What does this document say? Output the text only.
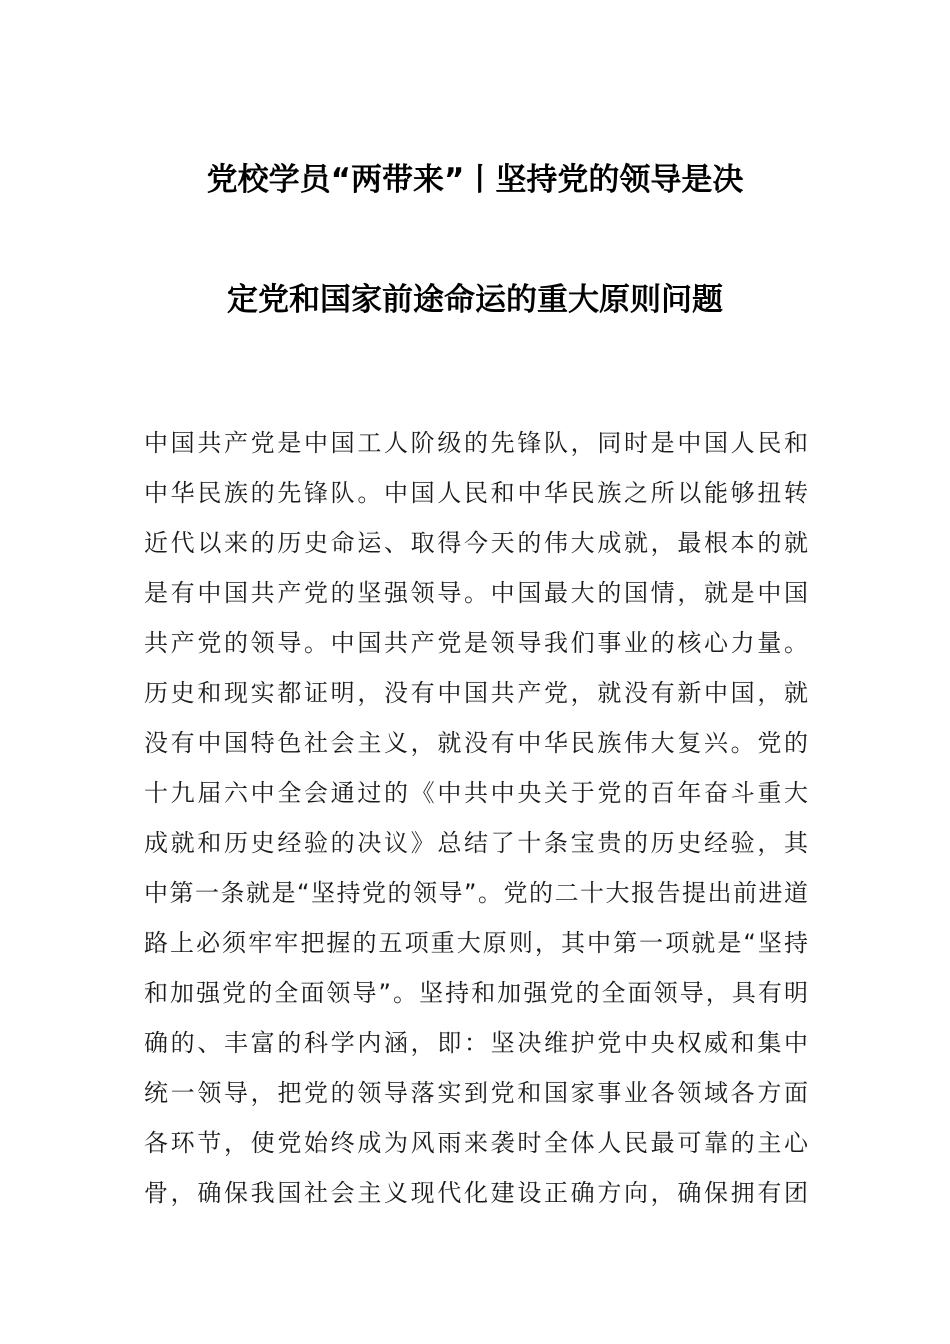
党校学员“两带来”丨坚持党的领导是决
定党和国家前途命运的重大原则问题
中国共产党是中国工人阶级的先锋队，同时是中国人民和
中华民族的先锋队。中国人民和中华民族之所以能够扭转
近代以来的历史命运、取得今天的伟大成就，最根本的就
是有中国共产党的坚强领导。中国最大的国情，就是中国
共产党的领导。中国共产党是领导我们事业的核心力量。
历史和现实都证明，没有中国共产党，就没有新中国，就
没有中国特色社会主义，就没有中华民族伟大复兴。党的
十九届六中全会通过的《中共中央关于党的百年奋斗重大
成就和历史经验的决议》总结了十条宝贵的历史经验，其
中第一条就是“坚持党的领导”。党的二十大报告提出前进道
路上必须牢牢把握的五项重大原则，其中第一项就是“坚持
和加强党的全面领导”。坚持和加强党的全面领导，具有明
确的、丰富的科学内涵，即：坚决维护党中央权威和集中
统一领导，把党的领导落实到党和国家事业各领域各方面
各环节，使党始终成为风雨来袭时全体人民最可靠的主心
骨，确保我国社会主义现代化建设正确方向，确保拥有团
